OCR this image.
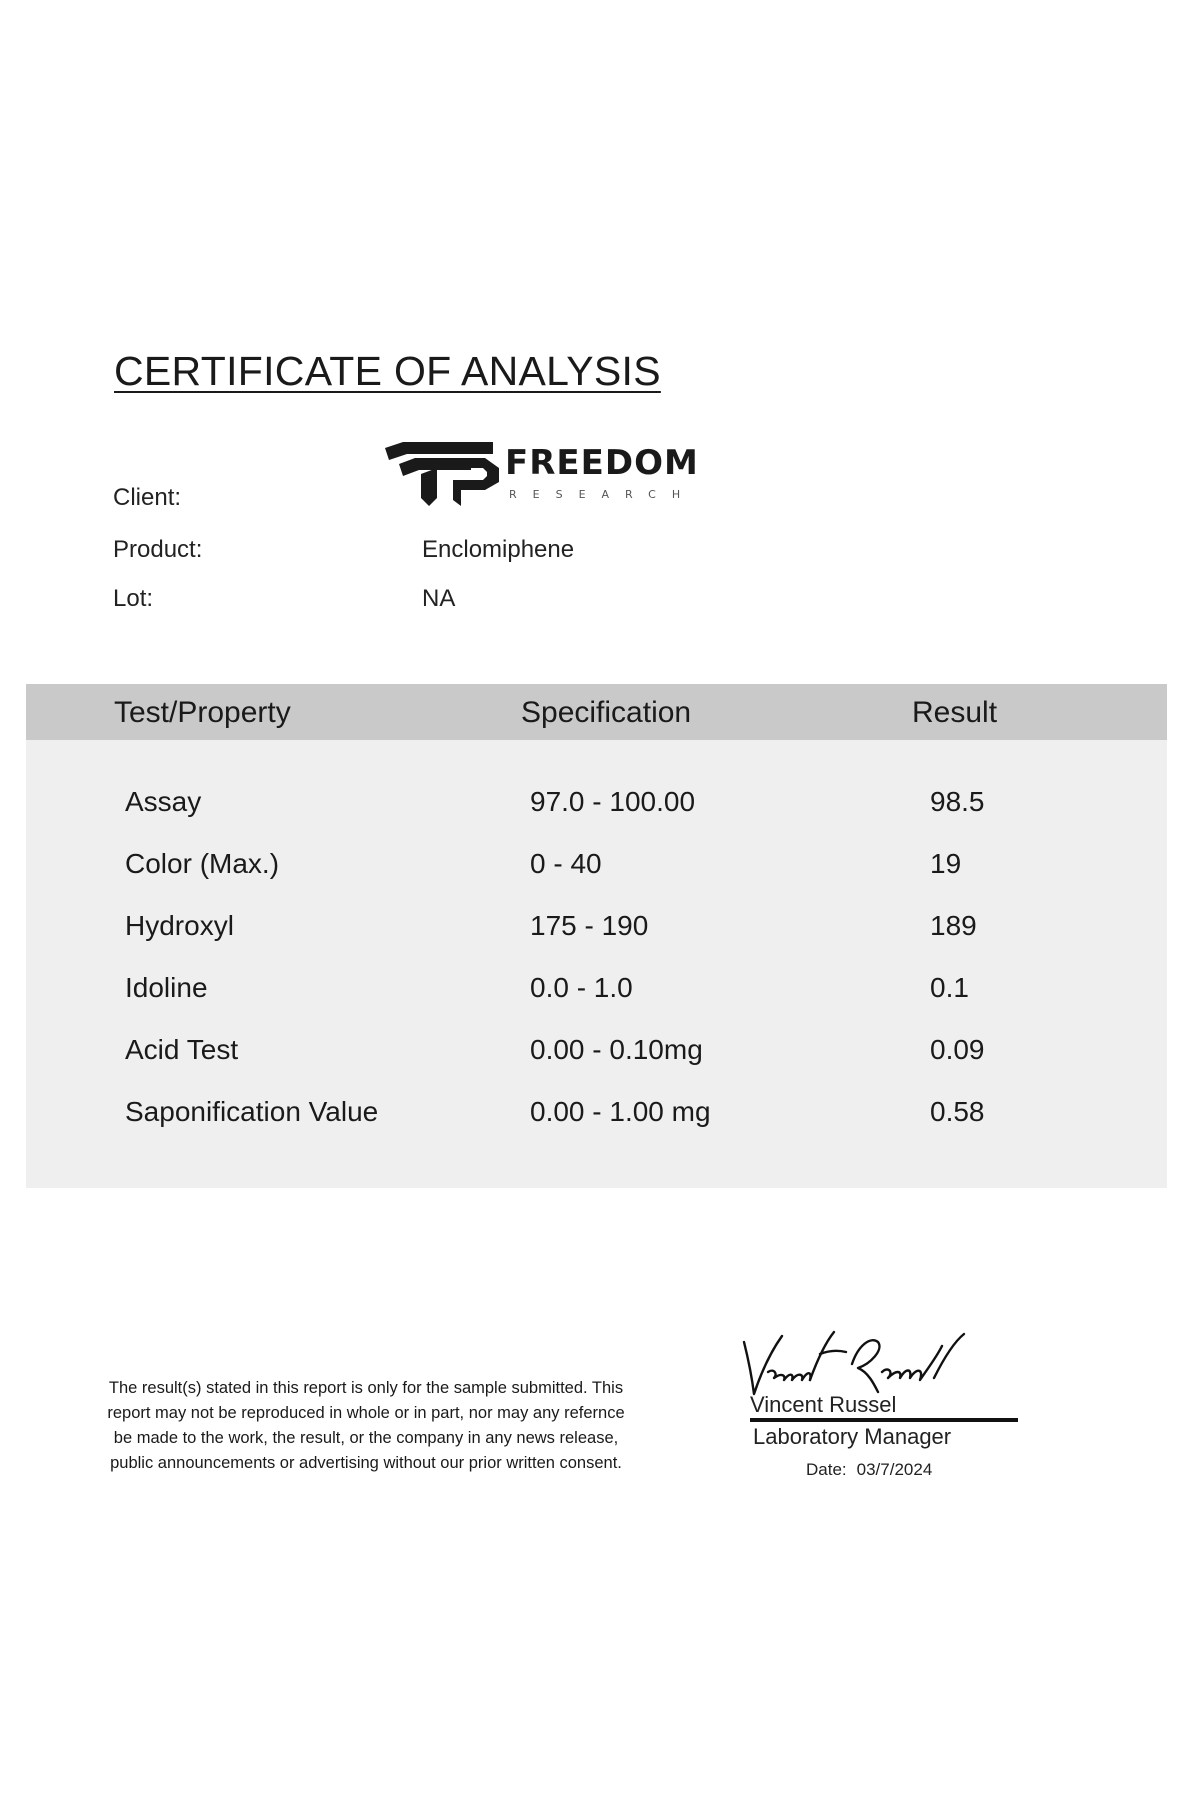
CERTIFICATE OF ANALYSIS
FREEDOM
RESEARCH
Client:
Product:	Enclomiphene
Lot:	NA
Test/Property	Specification	Result
Assay	97.0 - 100.00	98.5
Color (Max.)	0 - 40	19
Hydroxyl	175 - 190	189
Idoline	0.0 - 1.0	0.1
Acid Test	0.00 - 0.10mg	0.09
Saponification Value	0.00 - 1.00 mg	0.58
The result(s) stated in this report is only for the sample submitted. This report may not be reproduced in whole or in part, nor may any refernce be made to the work, the result, or the company in any news release, public announcements or advertising without our prior written consent.
Vincent Russel
Laboratory Manager
Date: 03/7/2024
